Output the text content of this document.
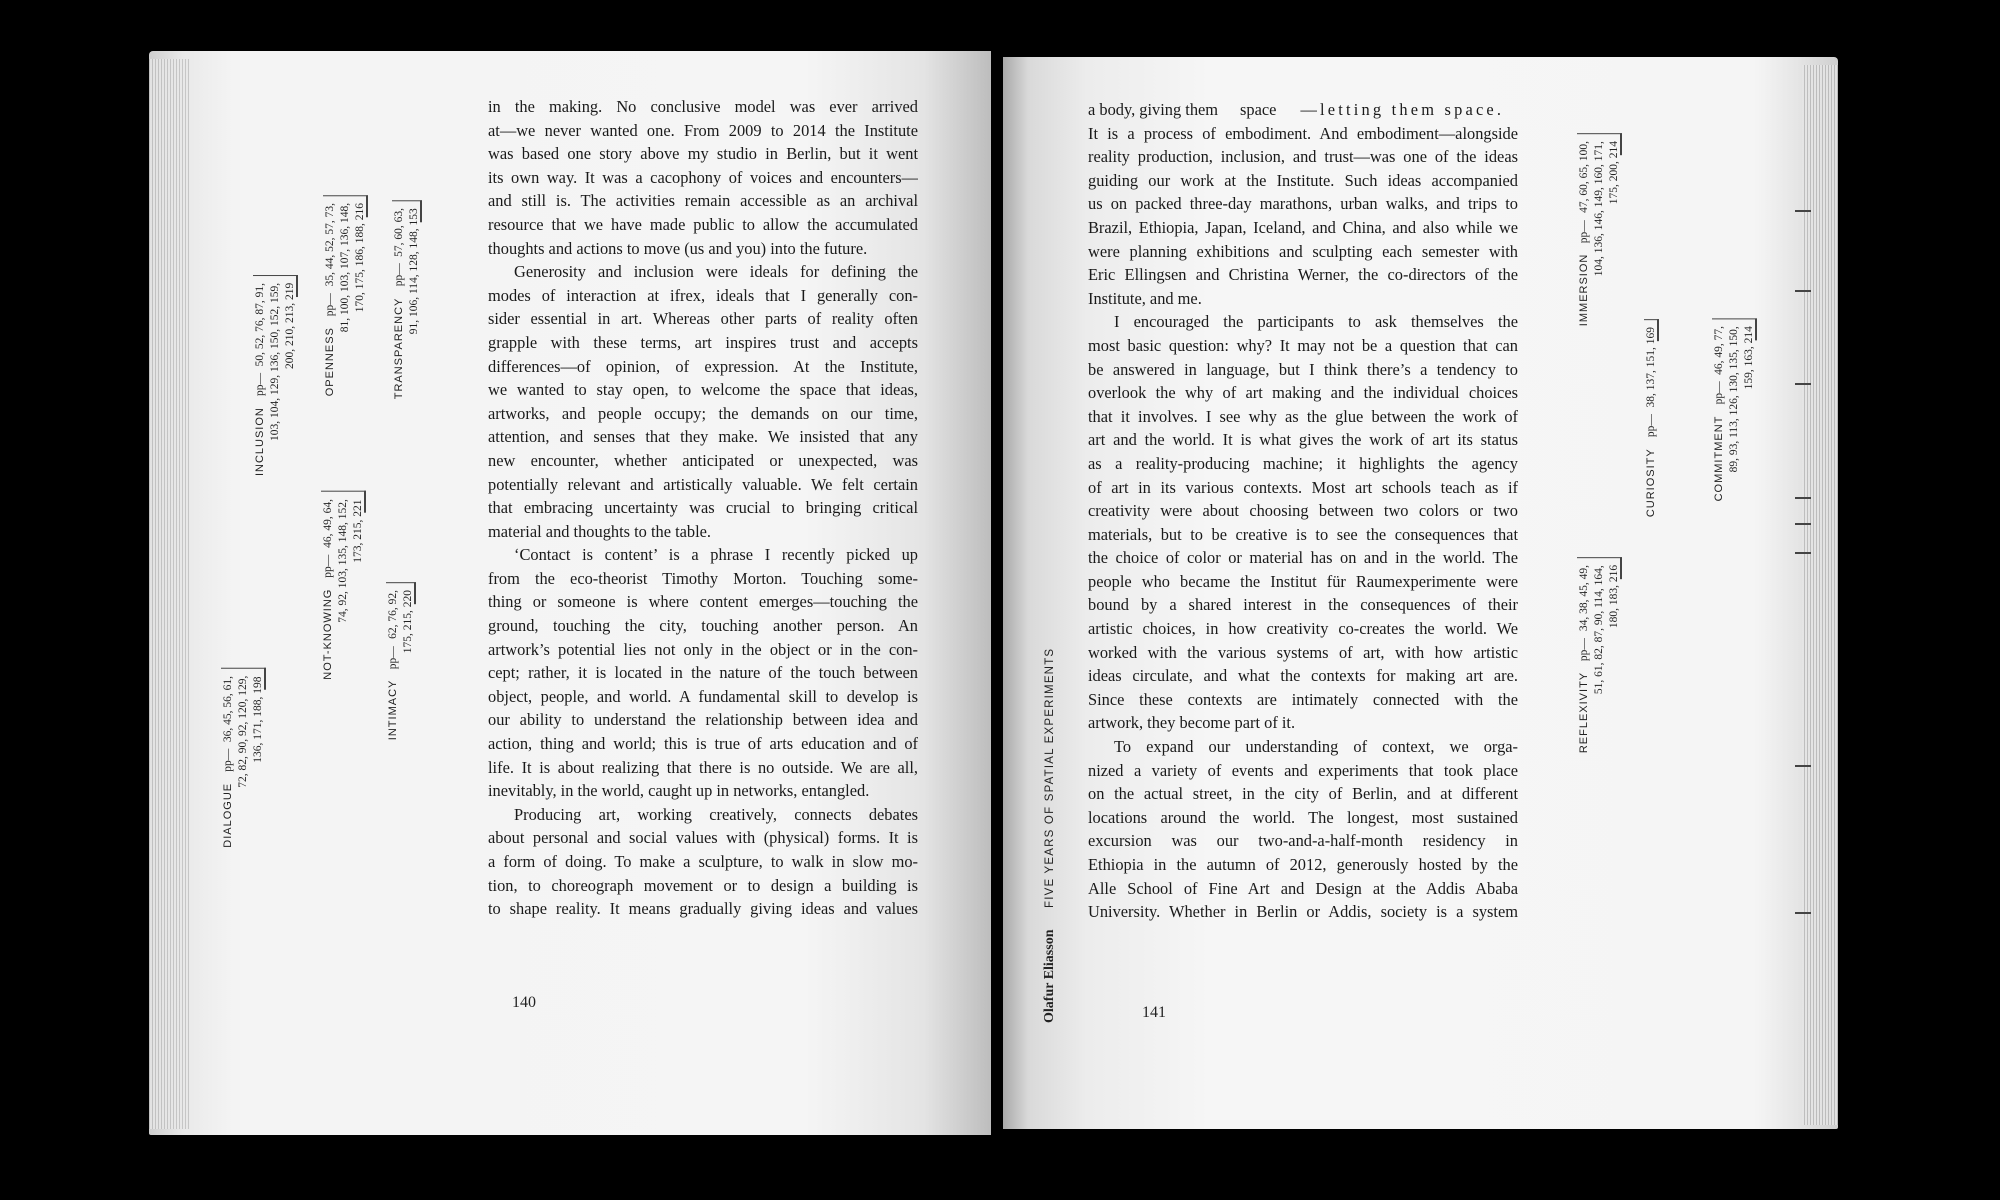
in the making. No conclusive model was ever arrived
at—we never wanted one. From 2009 to 2014 the Institute
was based one story above my studio in Berlin, but it went
its own way. It was a cacophony of voices and encounters—
and still is. The activities remain accessible as an archival
resource that we have made public to allow the accumulated
thoughts and actions to move (us and you) into the future.
Generosity and inclusion were ideals for defining the
modes of interaction at ifrex, ideals that I generally con-
sider essential in art. Whereas other parts of reality often
grapple with these terms, art inspires trust and accepts
differences—of opinion, of expression. At the Institute,
we wanted to stay open, to welcome the space that ideas,
artworks, and people occupy; the demands on our time,
attention, and senses that they make. We insisted that any
new encounter, whether anticipated or unexpected, was
potentially relevant and artistically valuable. We felt certain
that embracing uncertainty was crucial to bringing critical
material and thoughts to the table.
‘Contact is content’ is a phrase I recently picked up
from the eco-theorist Timothy Morton. Touching some-
thing or someone is where content emerges—touching the
ground, touching the city, touching another person. An
artwork’s potential lies not only in the object or in the con-
cept; rather, it is located in the nature of the touch between
object, people, and world. A fundamental skill to develop is
our ability to understand the relationship between idea and
action, thing and world; this is true of arts education and of
life. It is about realizing that there is no outside. We are all,
inevitably, in the world, caught up in networks, entangled.
Producing art, working creatively, connects debates
about personal and social values with (physical) forms. It is
a form of doing. To make a sculpture, to walk in slow mo-
tion, to choreograph movement or to design a building is
to shape reality. It means gradually giving ideas and values
a body, giving them space —letting them space.
It is a process of embodiment. And embodiment—alongside
reality production, inclusion, and trust—was one of the ideas
guiding our work at the Institute. Such ideas accompanied
us on packed three-day marathons, urban walks, and trips to
Brazil, Ethiopia, Japan, Iceland, and China, and also while we
were planning exhibitions and sculpting each semester with
Eric Ellingsen and Christina Werner, the co-directors of the
Institute, and me.
I encouraged the participants to ask themselves the
most basic question: why? It may not be a question that can
be answered in language, but I think there’s a tendency to
overlook the why of art making and the individual choices
that it involves. I see why as the glue between the work of
art and the world. It is what gives the work of art its status
as a reality-producing machine; it highlights the agency
of art in its various contexts. Most art schools teach as if
creativity were about choosing between two colors or two
materials, but to be creative is to see the consequences that
the choice of color or material has on and in the world. The
people who became the Institut für Raumexperimente were
bound by a shared interest in the consequences of their
artistic choices, in how creativity co-creates the world. We
worked with the various systems of art, with how artistic
ideas circulate, and what the contexts for making art are.
Since these contexts are intimately connected with the
artwork, they become part of it.
To expand our understanding of context, we orga-
nized a variety of events and experiments that took place
on the actual street, in the city of Berlin, and at different
locations around the world. The longest, most sustained
excursion was our two-and-a-half-month residency in
Ethiopia in the autumn of 2012, generously hosted by the
Alle School of Fine Art and Design at the Addis Ababa
University. Whether in Berlin or Addis, society is a system
140
141
Olafur Eliasson
FIVE YEARS OF SPATIAL EXPERIMENTS
INCLUSION pp— 50, 52, 76, 87, 91, 103, 104, 129, 136, 150, 152, 159, 200, 210, 213, 219	OPENNESS pp— 35, 44, 52, 57, 73, 81, 100, 103, 107, 136, 148, 170, 175, 186, 188, 216
TRANSPARENCY pp— 57, 60, 63, 91, 106, 114, 128, 148, 153
DIALOGUE pp— 36, 45, 56, 61, 72, 82, 90, 92, 120, 129, 136, 171, 188, 198
NOT-KNOWING pp— 46, 49, 64, 74, 92, 103, 135, 148, 152, 173, 215, 221
INTIMACY pp— 62, 76, 92, 175, 215, 220
IMMERSION pp— 47, 60, 65, 100, 104, 136, 146, 149, 160, 171, 175, 200, 214
CURIOSITY pp— 38, 137, 151, 169
COMMITMENT pp— 46, 49, 77, 89, 93, 113, 126, 130, 135, 150, 159, 163, 214
REFLEXIVITY pp— 34, 38, 45, 49, 51, 61, 82, 87, 90, 114, 164, 180, 183, 216
